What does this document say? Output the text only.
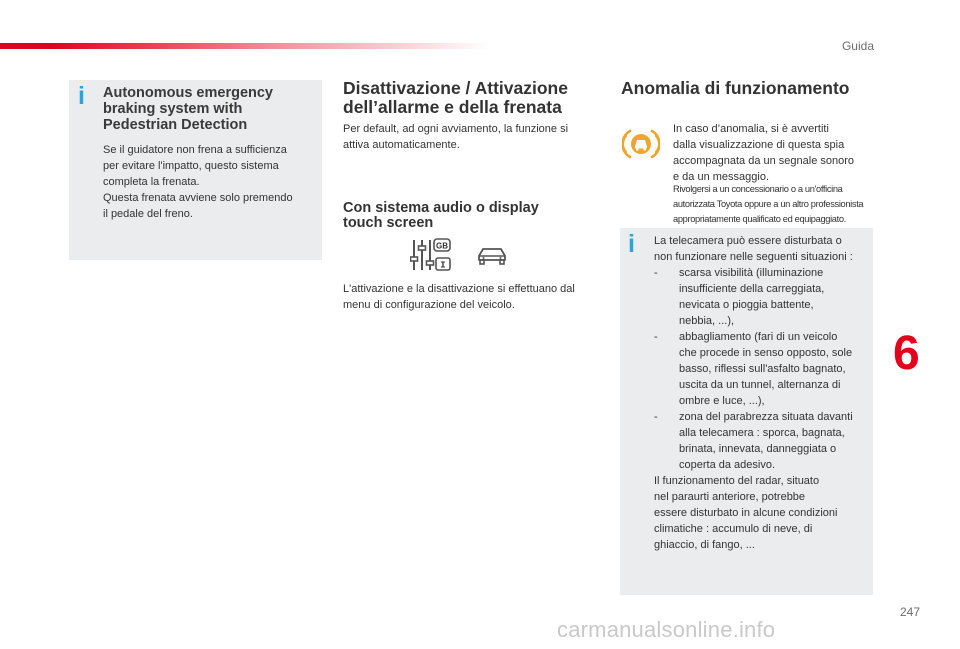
Guida
i Autonomous emergency braking system with Pedestrian Detection
Se il guidatore non frena a sufficienza
per evitare l'impatto, questo sistema
completa la frenata.
Questa frenata avviene solo premendo
il pedale del freno.
Disattivazione / Attivazione
dell’allarme e della frenata
Per default, ad ogni avviamento, la funzione si
attiva automaticamente.
Con sistema audio o display
touch screen
GB
I
L'attivazione e la disattivazione si effettuano dal
menu di configurazione del veicolo.
Anomalia di funzionamento
In caso d’anomalia, si è avvertiti
dalla visualizzazione di questa spia
accompagnata da un segnale sonoro
e da un messaggio.
Rivolgersi a un concessionario o a un'officina
autorizzata Toyota oppure a un altro professionista
appropriatamente qualificato ed equipaggiato.
i La telecamera può essere disturbata o
non funzionare nelle seguenti situazioni :
- scarsa visibilità (illuminazione
insufficiente della carreggiata,
nevicata o pioggia battente,
nebbia, ...),
- abbagliamento (fari di un veicolo
che procede in senso opposto, sole
basso, riflessi sull'asfalto bagnato,
uscita da un tunnel, alternanza di
ombre e luce, ...),
- zona del parabrezza situata davanti
alla telecamera : sporca, bagnata,
brinata, innevata, danneggiata o
coperta da adesivo.
Il funzionamento del radar, situato
nel paraurti anteriore, potrebbe
essere disturbato in alcune condizioni
climatiche : accumulo di neve, di
ghiaccio, di fango, ...
6
247
carmanualsonline.info
